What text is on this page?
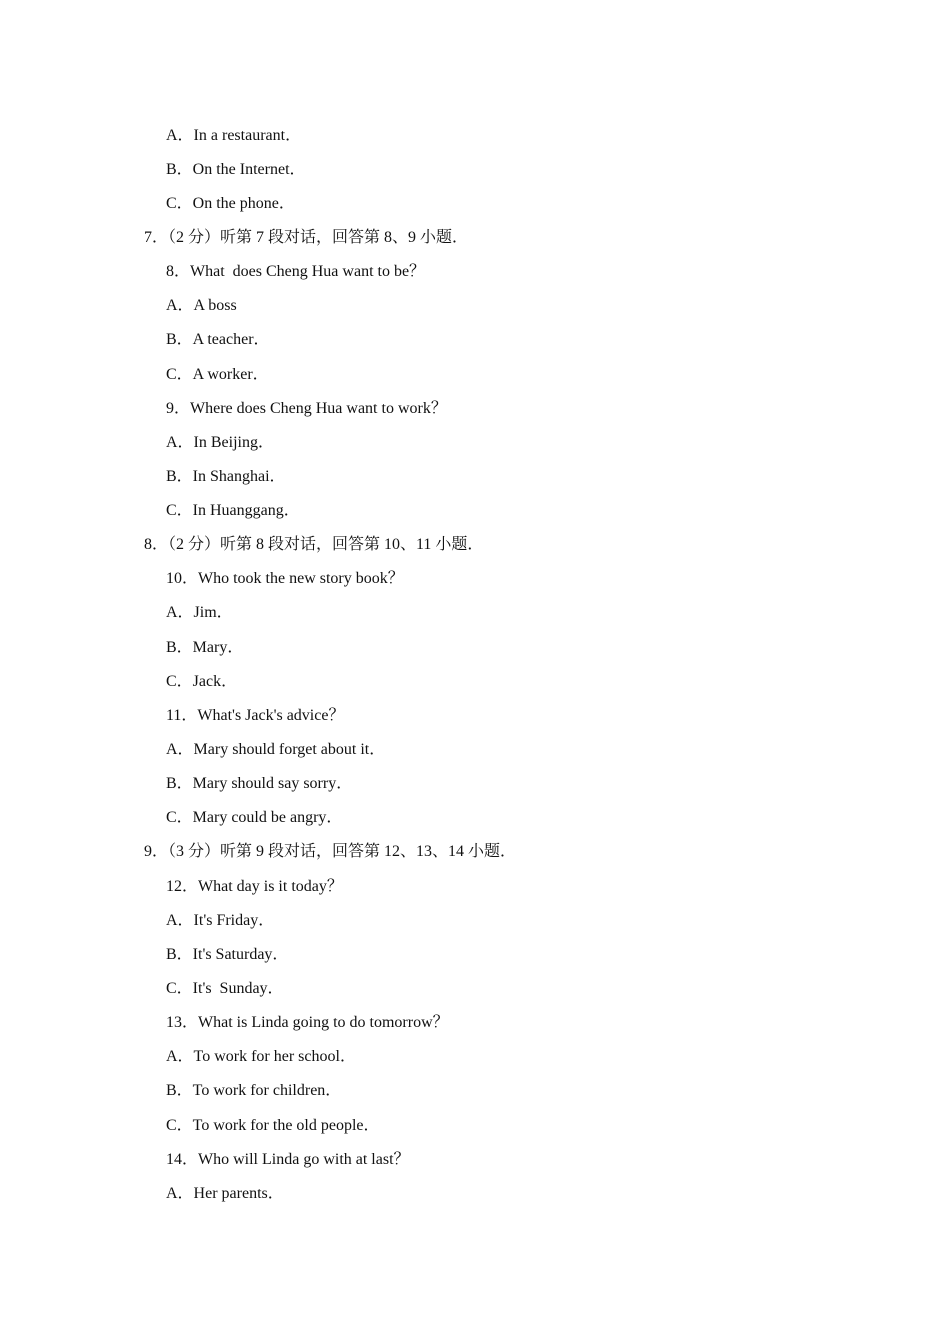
A．In a restaurant．
B．On the Internet．
C．On the phone．
7．（2 分）听第 7 段对话，回答第 8、9 小题．
8．What  does Cheng Hua want to be？
A．A boss
B．A teacher．
C．A worker．
9．Where does Cheng Hua want to work？
A．In Beijing．
B．In Shanghai．
C．In Huanggang．
8．（2 分）听第 8 段对话，回答第 10、11 小题．
10．Who took the new story book？
A．Jim．
B．Mary．
C．Jack．
11．What's Jack's advice？
A．Mary should forget about it．
B．Mary should say sorry．
C．Mary could be angry．
9．（3 分）听第 9 段对话，回答第 12、13、14 小题．
12．What day is it today？
A．It's Friday．
B．It's Saturday．
C．It's  Sunday．
13．What is Linda going to do tomorrow？
A．To work for her school．
B．To work for children．
C．To work for the old people．
14．Who will Linda go with at last？
A．Her parents．
